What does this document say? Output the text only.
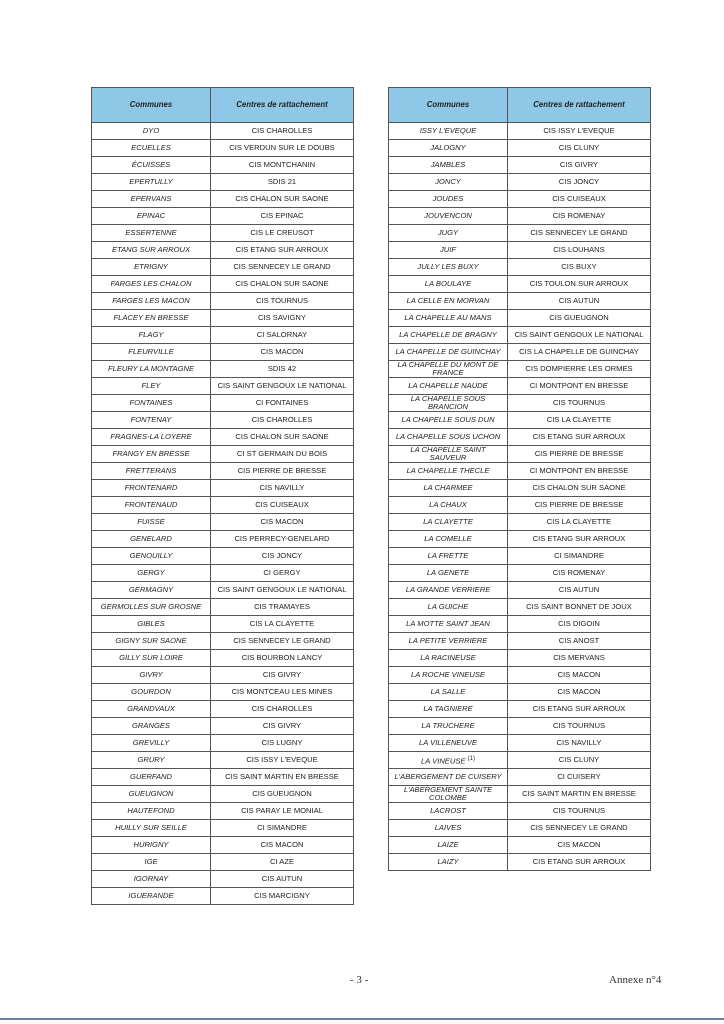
Communes	Centres de rattachement
DYO	CIS CHAROLLES
ECUELLES	CIS VERDUN SUR LE DOUBS
ÉCUISSES	CIS MONTCHANIN
EPERTULLY	SDIS 21
EPERVANS	CIS CHALON SUR SAONE
EPINAC	CIS EPINAC
ESSERTENNE	CIS LE CREUSOT
ETANG SUR ARROUX	CIS ETANG SUR ARROUX
ETRIGNY	CIS SENNECEY LE GRAND
FARGES LES CHALON	CIS CHALON SUR SAONE
FARGES LES MACON	CIS TOURNUS
FLACEY EN BRESSE	CIS SAVIGNY
FLAGY	CI SALORNAY
FLEURVILLE	CIS MACON
FLEURY LA MONTAGNE	SDIS 42
FLEY	CIS SAINT GENGOUX LE NATIONAL
FONTAINES	CI FONTAINES
FONTENAY	CIS CHAROLLES
FRAGNES-LA LOYERE	CIS CHALON SUR SAONE
FRANGY EN BRESSE	CI ST GERMAIN DU BOIS
FRETTERANS	CIS PIERRE DE BRESSE
FRONTENARD	CIS NAVILLY
FRONTENAUD	CIS CUISEAUX
FUISSE	CIS MACON
GENELARD	CIS PERRECY-GENELARD
GENOUILLY	CIS JONCY
GERGY	CI GERGY
GERMAGNY	CIS SAINT GENGOUX LE NATIONAL
GERMOLLES SUR GROSNE	CIS TRAMAYES
GIBLES	CIS LA CLAYETTE
GIGNY SUR SAONE	CIS SENNECEY LE GRAND
GILLY SUR LOIRE	CIS BOURBON LANCY
GIVRY	CIS GIVRY
GOURDON	CIS MONTCEAU LES MINES
GRANDVAUX	CIS CHAROLLES
GRANGES	CIS GIVRY
GREVILLY	CIS LUGNY
GRURY	CIS ISSY L'EVEQUE
GUERFAND	CIS SAINT MARTIN EN BRESSE
GUEUGNON	CIS GUEUGNON
HAUTEFOND	CIS PARAY LE MONIAL
HUILLY SUR SEILLE	CI SIMANDRE
HURIGNY	CIS MACON
IGE	CI AZE
IGORNAY	CIS AUTUN
IGUERANDE	CIS MARCIGNY
Communes	Centres de rattachement
ISSY L'EVEQUE	CIS ISSY L'EVEQUE
JALOGNY	CIS CLUNY
JAMBLES	CIS GIVRY
JONCY	CIS JONCY
JOUDES	CIS CUISEAUX
JOUVENCON	CIS ROMENAY
JUGY	CIS SENNECEY LE GRAND
JUIF	CIS LOUHANS
JULLY LES BUXY	CIS BUXY
LA BOULAYE	CIS TOULON SUR ARROUX
LA CELLE EN MORVAN	CIS AUTUN
LA CHAPELLE AU MANS	CIS GUEUGNON
LA CHAPELLE DE BRAGNY	CIS SAINT GENGOUX LE NATIONAL
LA CHAPELLE DE GUINCHAY	CIS LA CHAPELLE DE GUINCHAY
LA CHAPELLE DU MONT DE FRANCE	CIS DOMPIERRE LES ORMES
LA CHAPELLE NAUDE	CI MONTPONT EN BRESSE
LA CHAPELLE SOUS BRANCION	CIS TOURNUS
LA CHAPELLE SOUS DUN	CIS LA CLAYETTE
LA CHAPELLE SOUS UCHON	CIS ETANG SUR ARROUX
LA CHAPELLE SAINT SAUVEUR	CIS PIERRE DE BRESSE
LA CHAPELLE THECLE	CI MONTPONT EN BRESSE
LA CHARMEE	CIS CHALON SUR SAONE
LA CHAUX	CIS PIERRE DE BRESSE
LA CLAYETTE	CIS LA CLAYETTE
LA COMELLE	CIS ETANG SUR ARROUX
LA FRETTE	CI SIMANDRE
LA GENETE	CIS ROMENAY
LA GRANDE VERRIERE	CIS AUTUN
LA GUICHE	CIS SAINT BONNET DE JOUX
LA MOTTE SAINT JEAN	CIS DIGOIN
LA PETITE VERRIERE	CIS ANOST
LA RACINEUSE	CIS MERVANS
LA ROCHE VINEUSE	CIS MACON
LA SALLE	CIS MACON
LA TAGNIERE	CIS ETANG SUR ARROUX
LA TRUCHERE	CIS TOURNUS
LA VILLENEUVE	CIS NAVILLY
LA VINEUSE $^{(1)}$	CIS CLUNY
L'ABERGEMENT DE CUISERY	CI CUISERY
L'ABERGEMENT SAINTE COLOMBE	CIS SAINT MARTIN EN BRESSE
LACROST	CIS TOURNUS
LAIVES	CIS SENNECEY LE GRAND
LAIZE	CIS MACON
LAIZY	CIS ETANG SUR ARROUX
- 3 -	Annexe n°4
